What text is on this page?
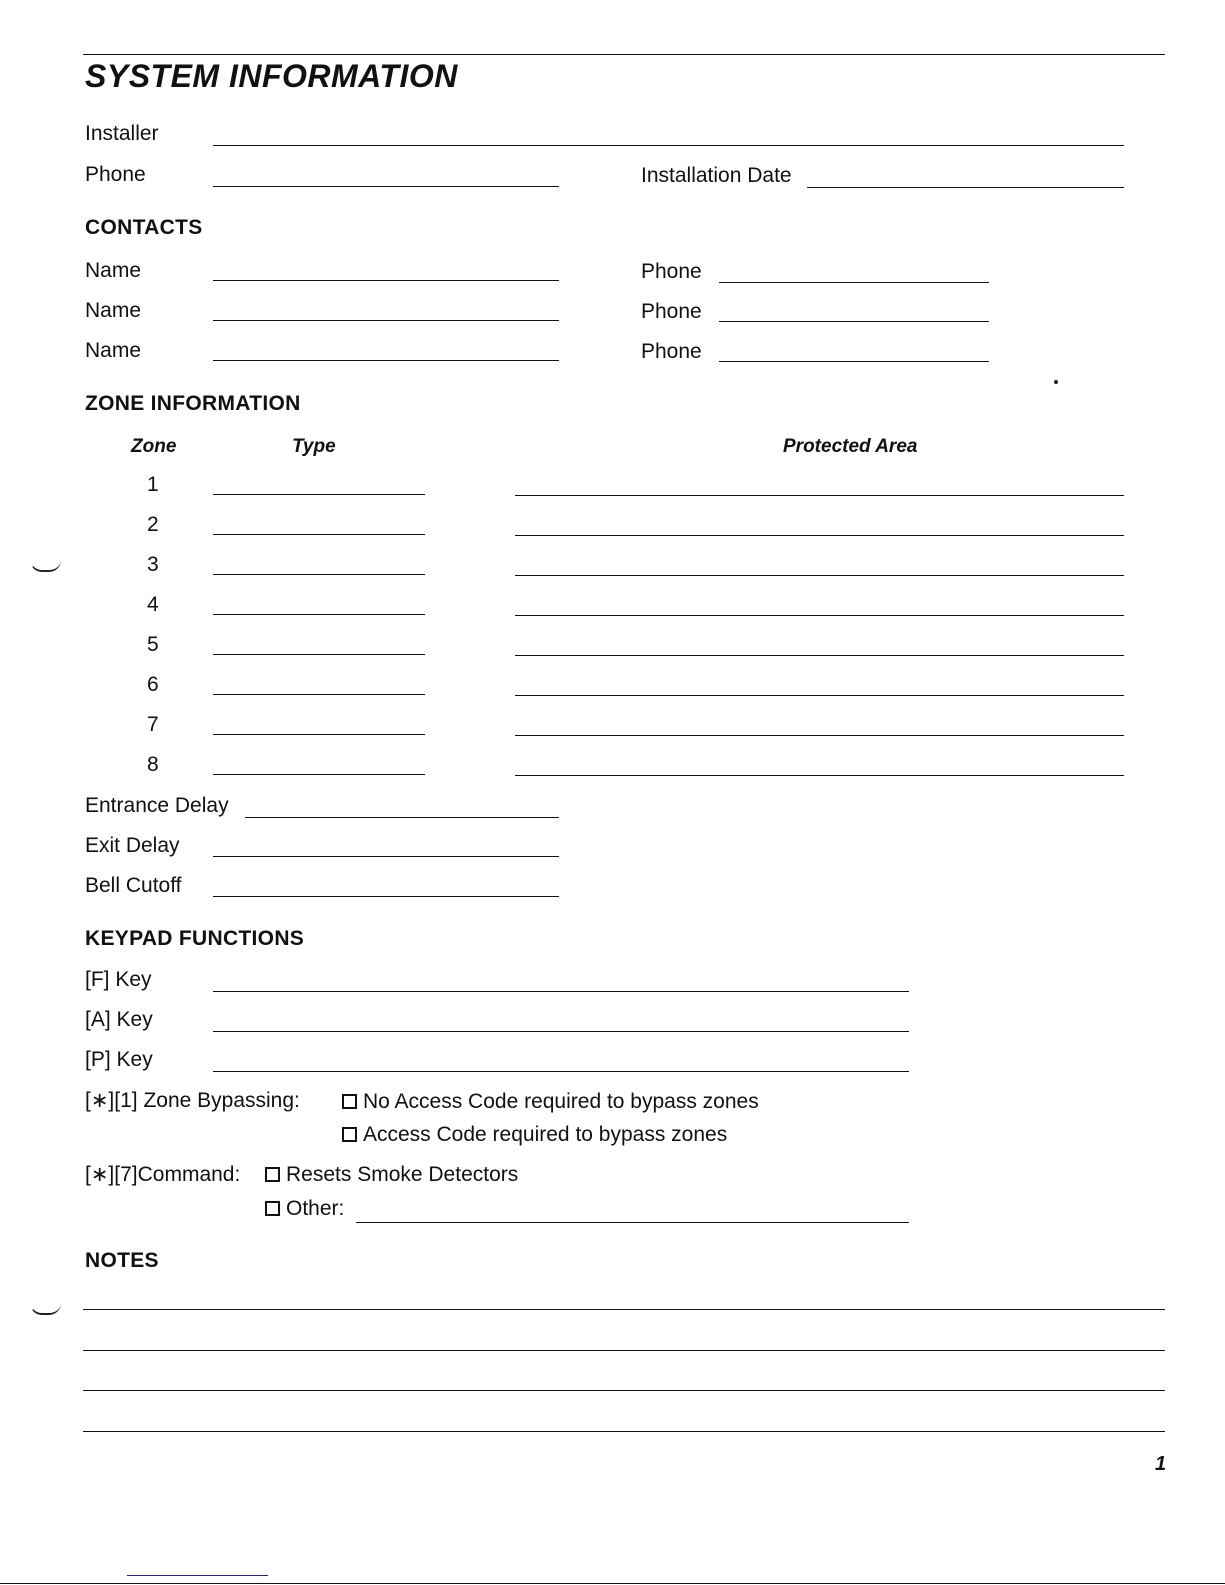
SYSTEM INFORMATION
Installer
Phone	Installation Date
CONTACTS
Name	Phone
Name	Phone
Name	Phone
ZONE INFORMATION
Zone	Type	Protected Area
1
2
3
4
5
6
7
8
Entrance Delay
Exit Delay
Bell Cutoff
KEYPAD FUNCTIONS
[F] Key
[A] Key
[P] Key
[∗][1] Zone Bypassing:	No Access Code required to bypass zones
Access Code required to bypass zones
[∗][7]Command:	Resets Smoke Detectors
Other:
NOTES
1
